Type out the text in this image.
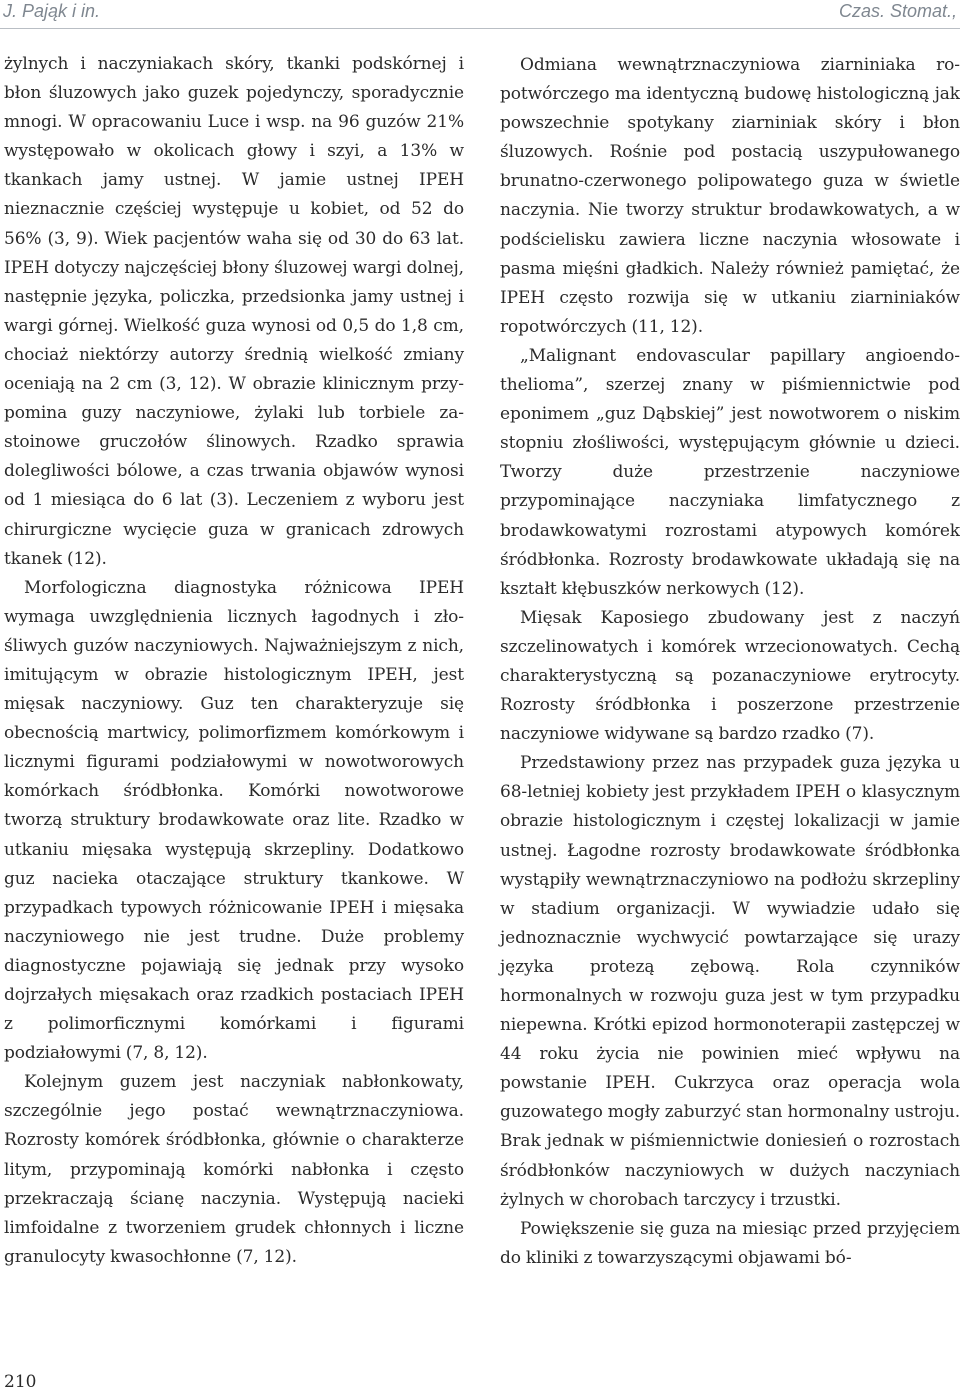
J. Pająk i in.	Czas. Stomat.,

żylnych i naczyniakach skóry, tkanki podskórnej i błon śluzowych jako guzek pojedynczy, sporadycznie mnogi. W opracowaniu Luce i wsp. na 96 guzów 21% występowało w okolicach głowy i szyi, a 13% w tkankach jamy ustnej. W jamie ustnej IPEH nieznacznie częściej występuje u kobiet, od 52 do 56% (3, 9). Wiek pacjentów waha się od 30 do 63 lat. IPEH dotyczy najczęściej błony śluzowej wargi dolnej, następnie języka, policzka, przedsionka jamy ustnej i wargi górnej. Wielkość guza wynosi od 0,5 do 1,8 cm, chociaż niektórzy autorzy średnią wielkość zmiany oceniają na 2 cm (3, 12). W obrazie klinicznym przypomina guzy naczyniowe, żylaki lub torbiele zastoinowe gruczołów ślinowych. Rzadko sprawia dolegliwości bólowe, a czas trwania objawów wynosi od 1 miesiąca do 6 lat (3). Leczeniem z wyboru jest chirurgiczne wycięcie guza w granicach zdrowych tkanek (12).

Morfologiczna diagnostyka różnicowa IPEH wymaga uwzględnienia licznych łagodnych i złośliwych guzów naczyniowych. Najważniejszym z nich, imitującym w obrazie histologicznym IPEH, jest mięsak naczyniowy. Guz ten charakteryzuje się obecnością martwicy, polimorfizmem komórkowym i licznymi figurami podziałowymi w nowotworowych komórkach śródbłonka. Komórki nowotworowe tworzą struktury brodawkowate oraz lite. Rzadko w utkaniu mięsaka występują skrzepliny. Dodatkowo guz nacieka otaczające struktury tkankowe. W przypadkach typowych różnicowanie IPEH i mięsaka naczyniowego nie jest trudne. Duże problemy diagnostyczne pojawiają się jednak przy wysoko dojrzałych mięsakach oraz rzadkich postaciach IPEH z polimorficznymi komórkami i figurami podziałowymi (7, 8, 12).

Kolejnym guzem jest naczyniak nabłonkowaty, szczególnie jego postać wewnątrznaczyniowa. Rozrosty komórek śródbłonka, głównie o charakterze litym, przypominają komórki nabłonka i często przekraczają ścianę naczynia. Występują nacieki limfoidalne z tworzeniem grudek chłonnych i liczne granulocyty kwasochłonne (7, 12).

Odmiana wewnątrznaczyniowa ziarniniaka ropotwórczego ma identyczną budowę histologiczną jak powszechnie spotykany ziarniniak skóry i błon śluzowych. Rośnie pod postacią uszypułowanego brunatno-czerwonego polipowatego guza w świetle naczynia. Nie tworzy struktur brodawkowatych, a w podścielisku zawiera liczne naczynia włosowate i pasma mięśni gładkich. Należy również pamiętać, że IPEH często rozwija się w utkaniu ziarniniaków ropotwórczych (11, 12).

„Malignant endovascular papillary angioendothelioma”, szerzej znany w piśmiennictwie pod eponimem „guz Dąbskiej” jest nowotworem o niskim stopniu złośliwości, występującym głównie u dzieci. Tworzy duże przestrzenie naczyniowe przypominające naczyniaka limfatycznego z brodawkowatymi rozrostami atypowych komórek śródbłonka. Rozrosty brodawkowate układają się na kształt kłębuszków nerkowych (12).

Mięsak Kaposiego zbudowany jest z naczyń szczelinowatych i komórek wrzecionowatych. Cechą charakterystyczną są pozanaczyniowe erytrocyty. Rozrosty śródbłonka i poszerzone przestrzenie naczyniowe widywane są bardzo rzadko (7).

Przedstawiony przez nas przypadek guza języka u 68-letniej kobiety jest przykładem IPEH o klasycznym obrazie histologicznym i częstej lokalizacji w jamie ustnej. Łagodne rozrosty brodawkowate śródbłonka wystąpiły wewnątrznaczyniowo na podłożu skrzepliny w stadium organizacji. W wywiadzie udało się jednoznacznie wychwycić powtarzające się urazy języka protezą zębową. Rola czynników hormonalnych w rozwoju guza jest w tym przypadku niepewna. Krótki epizod hormonoterapii zastępczej w 44 roku życia nie powinien mieć wpływu na powstanie IPEH. Cukrzyca oraz operacja wola guzowatego mogły zaburzyć stan hormonalny ustroju. Brak jednak w piśmiennictwie doniesień o rozrostach śródbłonków naczyniowych w dużych naczyniach żylnych w chorobach tarczycy i trzustki.

Powiększenie się guza na miesiąc przed przyjęciem do kliniki z towarzyszącymi objawami bó-

210
